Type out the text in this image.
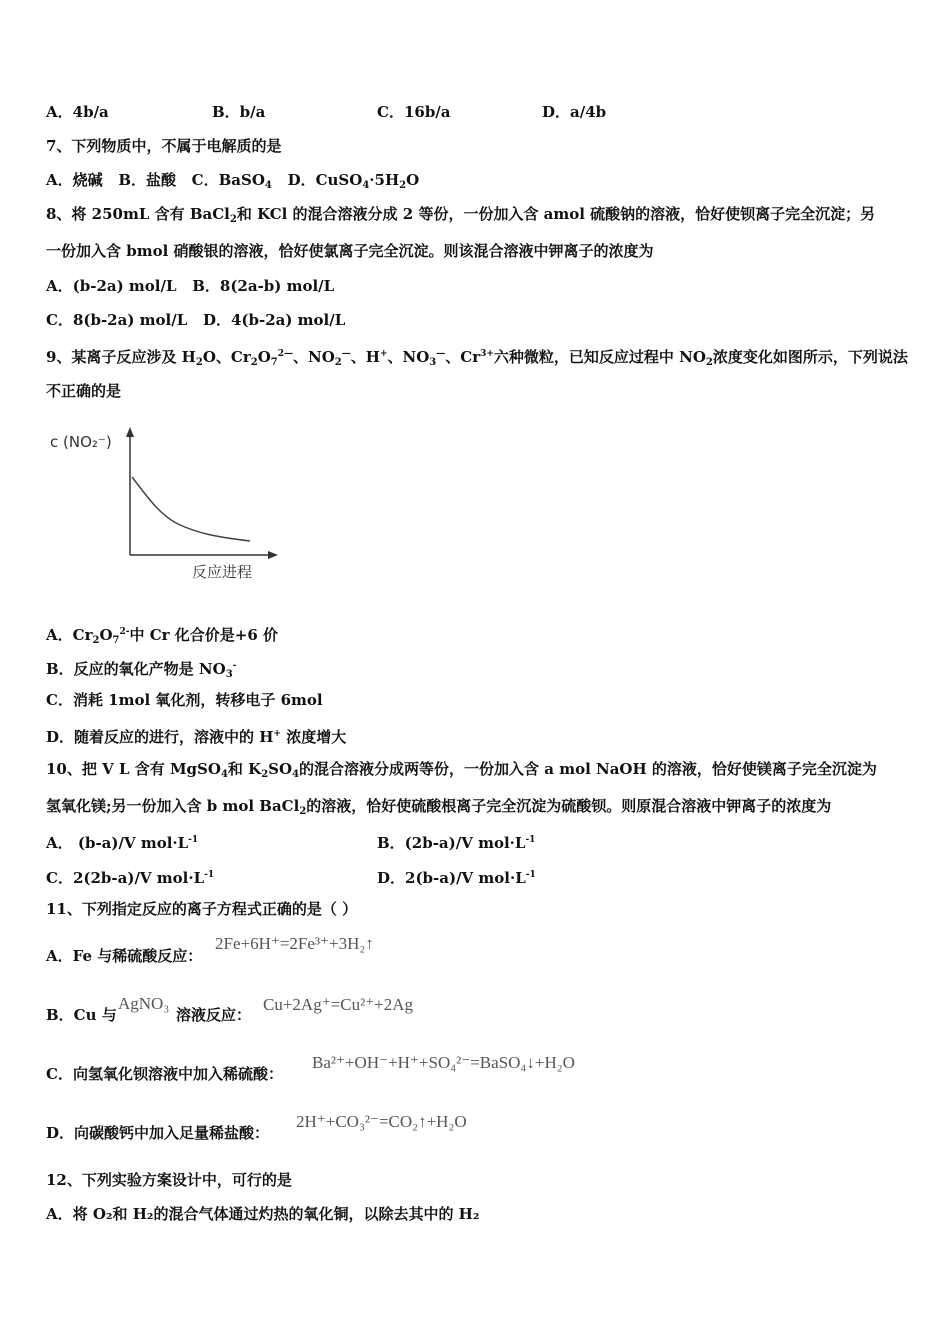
A．4b/a	B．b/a	C．16b/a	D．a/4b
7、下列物质中，不属于电解质的是
A．烧碱 B．盐酸 C．BaSO$_4$ D．$CuSO_4\cdot 5H_2O$
8、将 250mL 含有 BaCl$_2$和 KCl 的混合溶液分成 2 等份，一份加入含 amol 硫酸钠的溶液，恰好使钡离子完全沉淀；另
一份加入含 bmol 硝酸银的溶液，恰好使氯离子完全沉淀。则该混合溶液中钾离子的浓度为
A．(b-2a) mol/L B．8(2a-b) mol/L
C．8(b-2a) mol/L D．4(b-2a) mol/L
9、某离子反应涉及 $H_2O$、$Cr_2O_7^{2—}$、$NO_2^—$、H+、$NO_3^—$、$Cr^{3+}$六种微粒，已知反应过程中 $NO_2$浓度变化如图所示，下列说法
不正确的是
c (NO₂⁻)
反应进程
A．$Cr_2O_7^{2-}$中 Cr 化合价是+6 价
B．反应的氧化产物是 $NO_3^-$
C．消耗 1mol 氧化剂，转移电子 6mol
D．随着反应的进行，溶液中的 H+ 浓度增大
10、把 V L 含有 MgSO$_4$和 $K_2SO_4$的混合溶液分成两等份，一份加入含 a mol NaOH 的溶液，恰好使镁离子完全沉淀为
氢氧化镁;另一份加入含 b mol BaCl$_2$的溶液，恰好使硫酸根离子完全沉淀为硫酸钡。则原混合溶液中钾离子的浓度为
A． (b-a)/V $mol\cdot L^{-1}$	B．(2b-a)/V $mol\cdot L^{-1}$
C．2(2b-a)/V $mol\cdot L^{-1}$	D．2(b-a)/V $mol\cdot L^{-1}$
11、下列指定反应的离子方程式正确的是（ ）
A．Fe 与稀硫酸反应：
2Fe+6H⁺=2Fe³⁺+3H₂↑
B．Cu 与
AgNO₃
溶液反应：
Cu+2Ag⁺=Cu²⁺+2Ag
C．向氢氧化钡溶液中加入稀硫酸：
Ba²⁺+OH⁻+H⁺+SO₄²⁻=BaSO₄↓+H₂O
D．向碳酸钙中加入足量稀盐酸：
2H⁺+CO₃²⁻=CO₂↑+H₂O
12、下列实验方案设计中，可行的是
A．将 O₂和 H₂的混合气体通过灼热的氧化铜，以除去其中的 H₂
